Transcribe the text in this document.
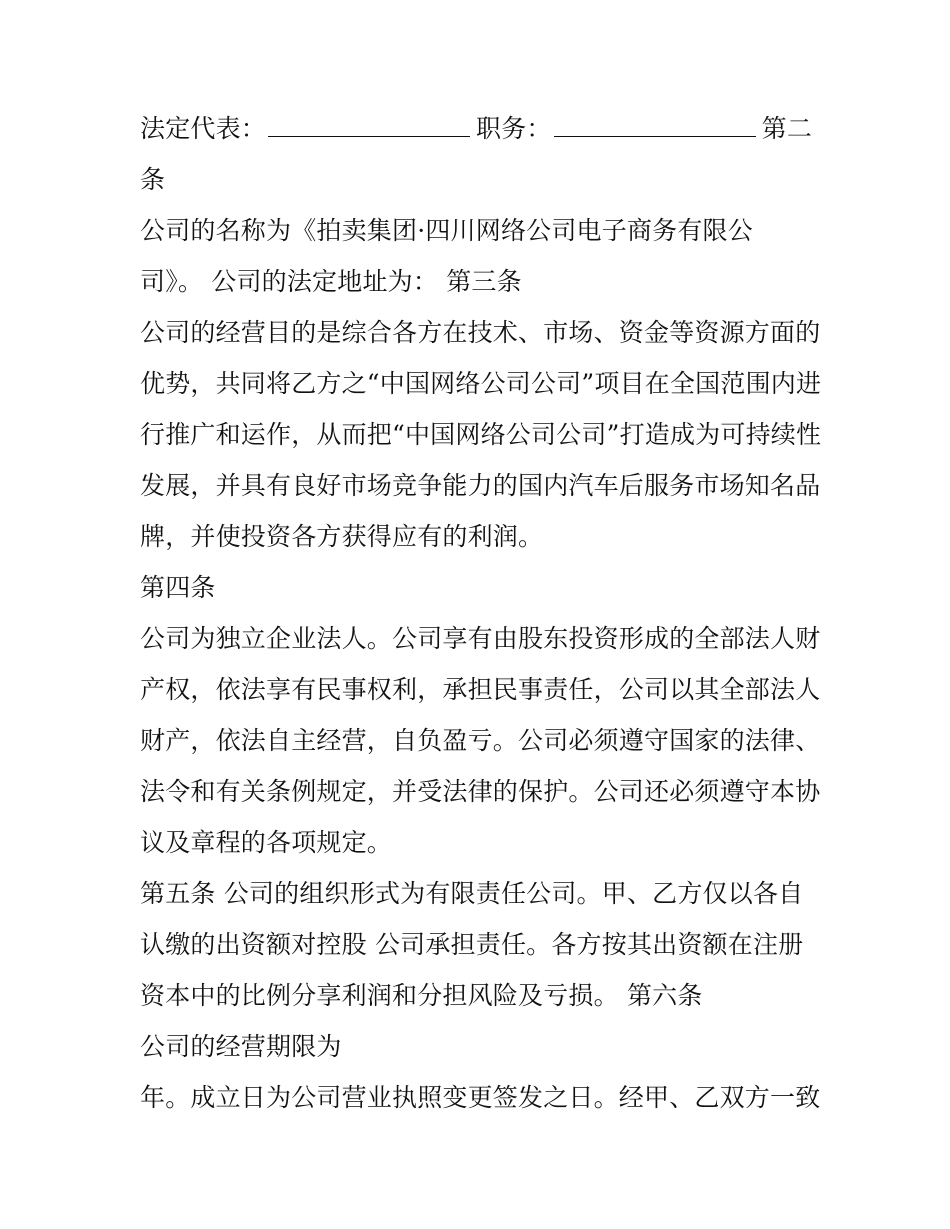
法定代表：	职务：	第二

条

公司的名称为《拍卖集团·四川网络公司电子商务有限公

司》。 公司的法定地址为： 第三条

公司的经营目的是综合各方在技术、市场、资金等资源方面的

优势，共同将乙方之“中国网络公司公司”项目在全国范围内进

行推广和运作，从而把“中国网络公司公司”打造成为可持续性

发展，并具有良好市场竞争能力的国内汽车后服务市场知名品

牌，并使投资各方获得应有的利润。

第四条

公司为独立企业法人。公司享有由股东投资形成的全部法人财

产权，依法享有民事权利，承担民事责任，公司以其全部法人

财产，依法自主经营，自负盈亏。公司必须遵守国家的法律、

法令和有关条例规定，并受法律的保护。公司还必须遵守本协

议及章程的各项规定。

第五条 公司的组织形式为有限责任公司。甲、乙方仅以各自

认缴的出资额对控股 公司承担责任。各方按其出资额在注册

资本中的比例分享利润和分担风险及亏损。 第六条

公司的经营期限为

年。成立日为公司营业执照变更签发之日。经甲、乙双方一致
